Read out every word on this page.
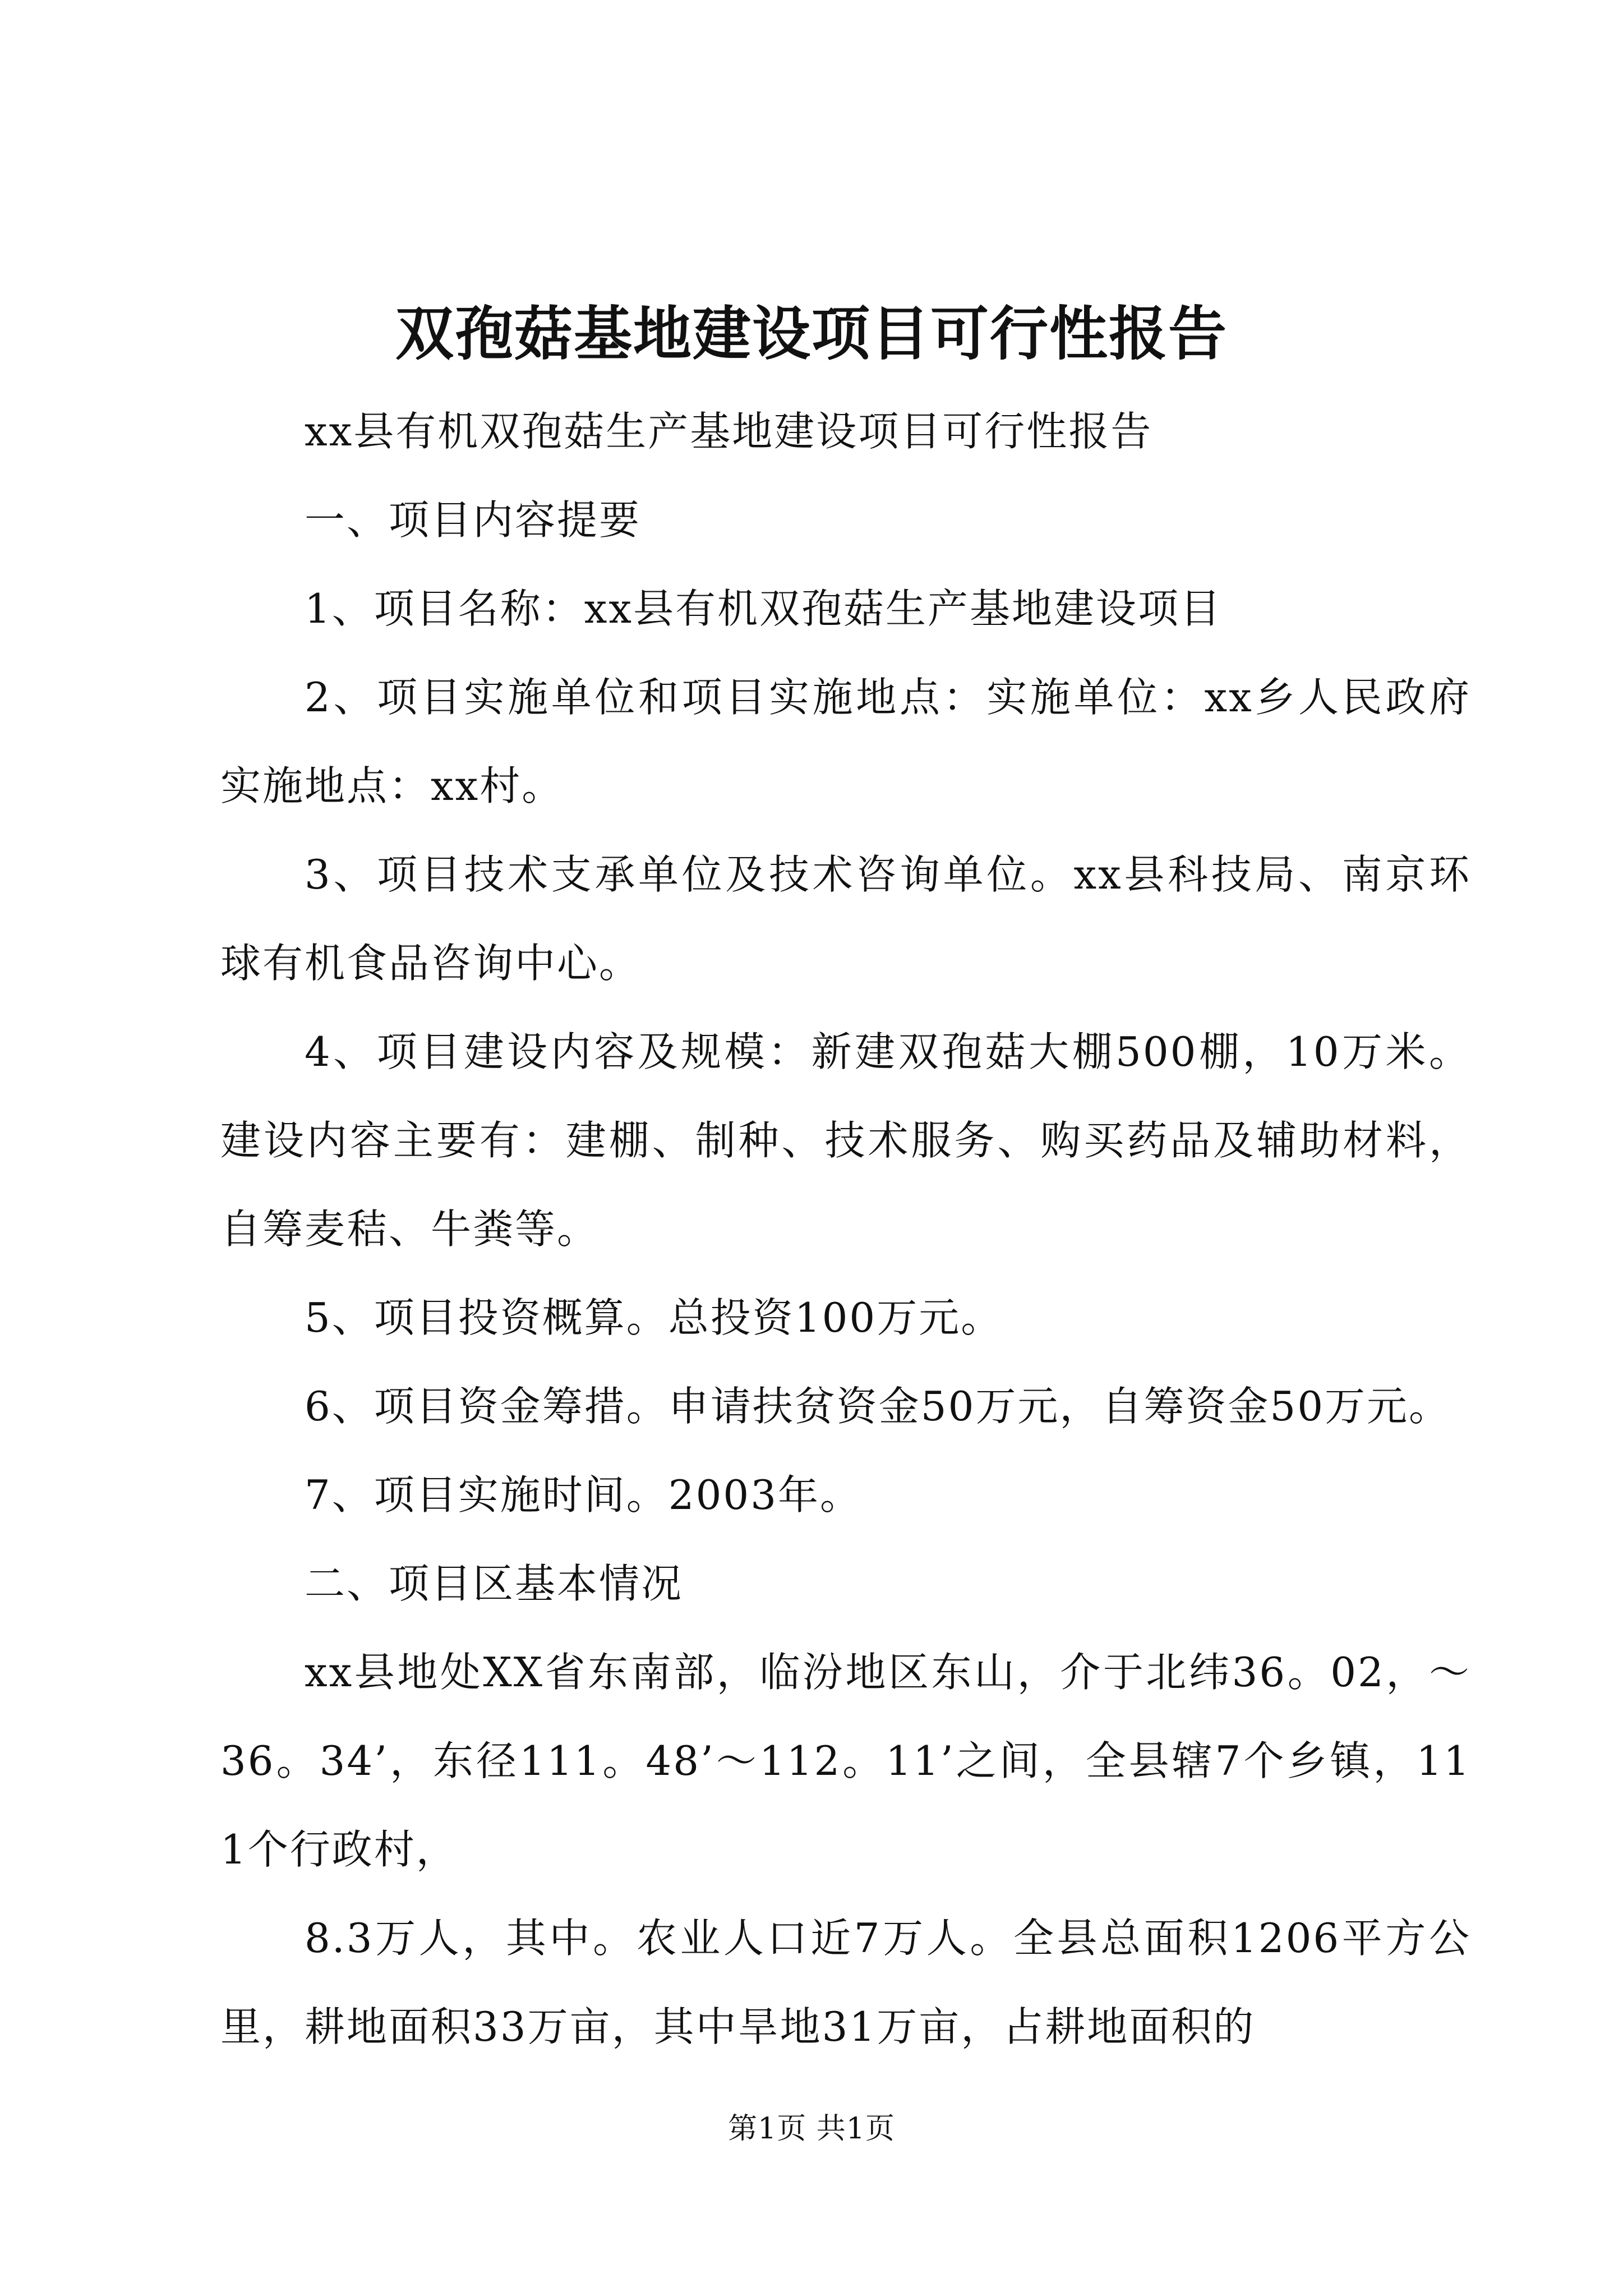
双孢菇基地建设项目可行性报告

xx县有机双孢菇生产基地建设项目可行性报告

一、项目内容提要

1、项目名称：xx县有机双孢菇生产基地建设项目

2、项目实施单位和项目实施地点：实施单位：xx乡人民政府实施地点：xx村。

3、项目技术支承单位及技术咨询单位。xx县科技局、南京环球有机食品咨询中心。

4、项目建设内容及规模：新建双孢菇大棚500棚，10万米。建设内容主要有：建棚、制种、技术服务、购买药品及辅助材料，自筹麦秸、牛粪等。

5、项目投资概算。总投资100万元。

6、项目资金筹措。申请扶贫资金50万元，自筹资金50万元。

7、项目实施时间。2003年。

二、项目区基本情况

xx县地处XX省东南部，临汾地区东山，介于北纬36。02，～36。34’，东径111。48’～112。11’之间，全县辖7个乡镇，111个行政村，

8.3万人，其中。农业人口近7万人。全县总面积1206平方公里，耕地面积33万亩，其中旱地31万亩，占耕地面积的

第1页 共1页
